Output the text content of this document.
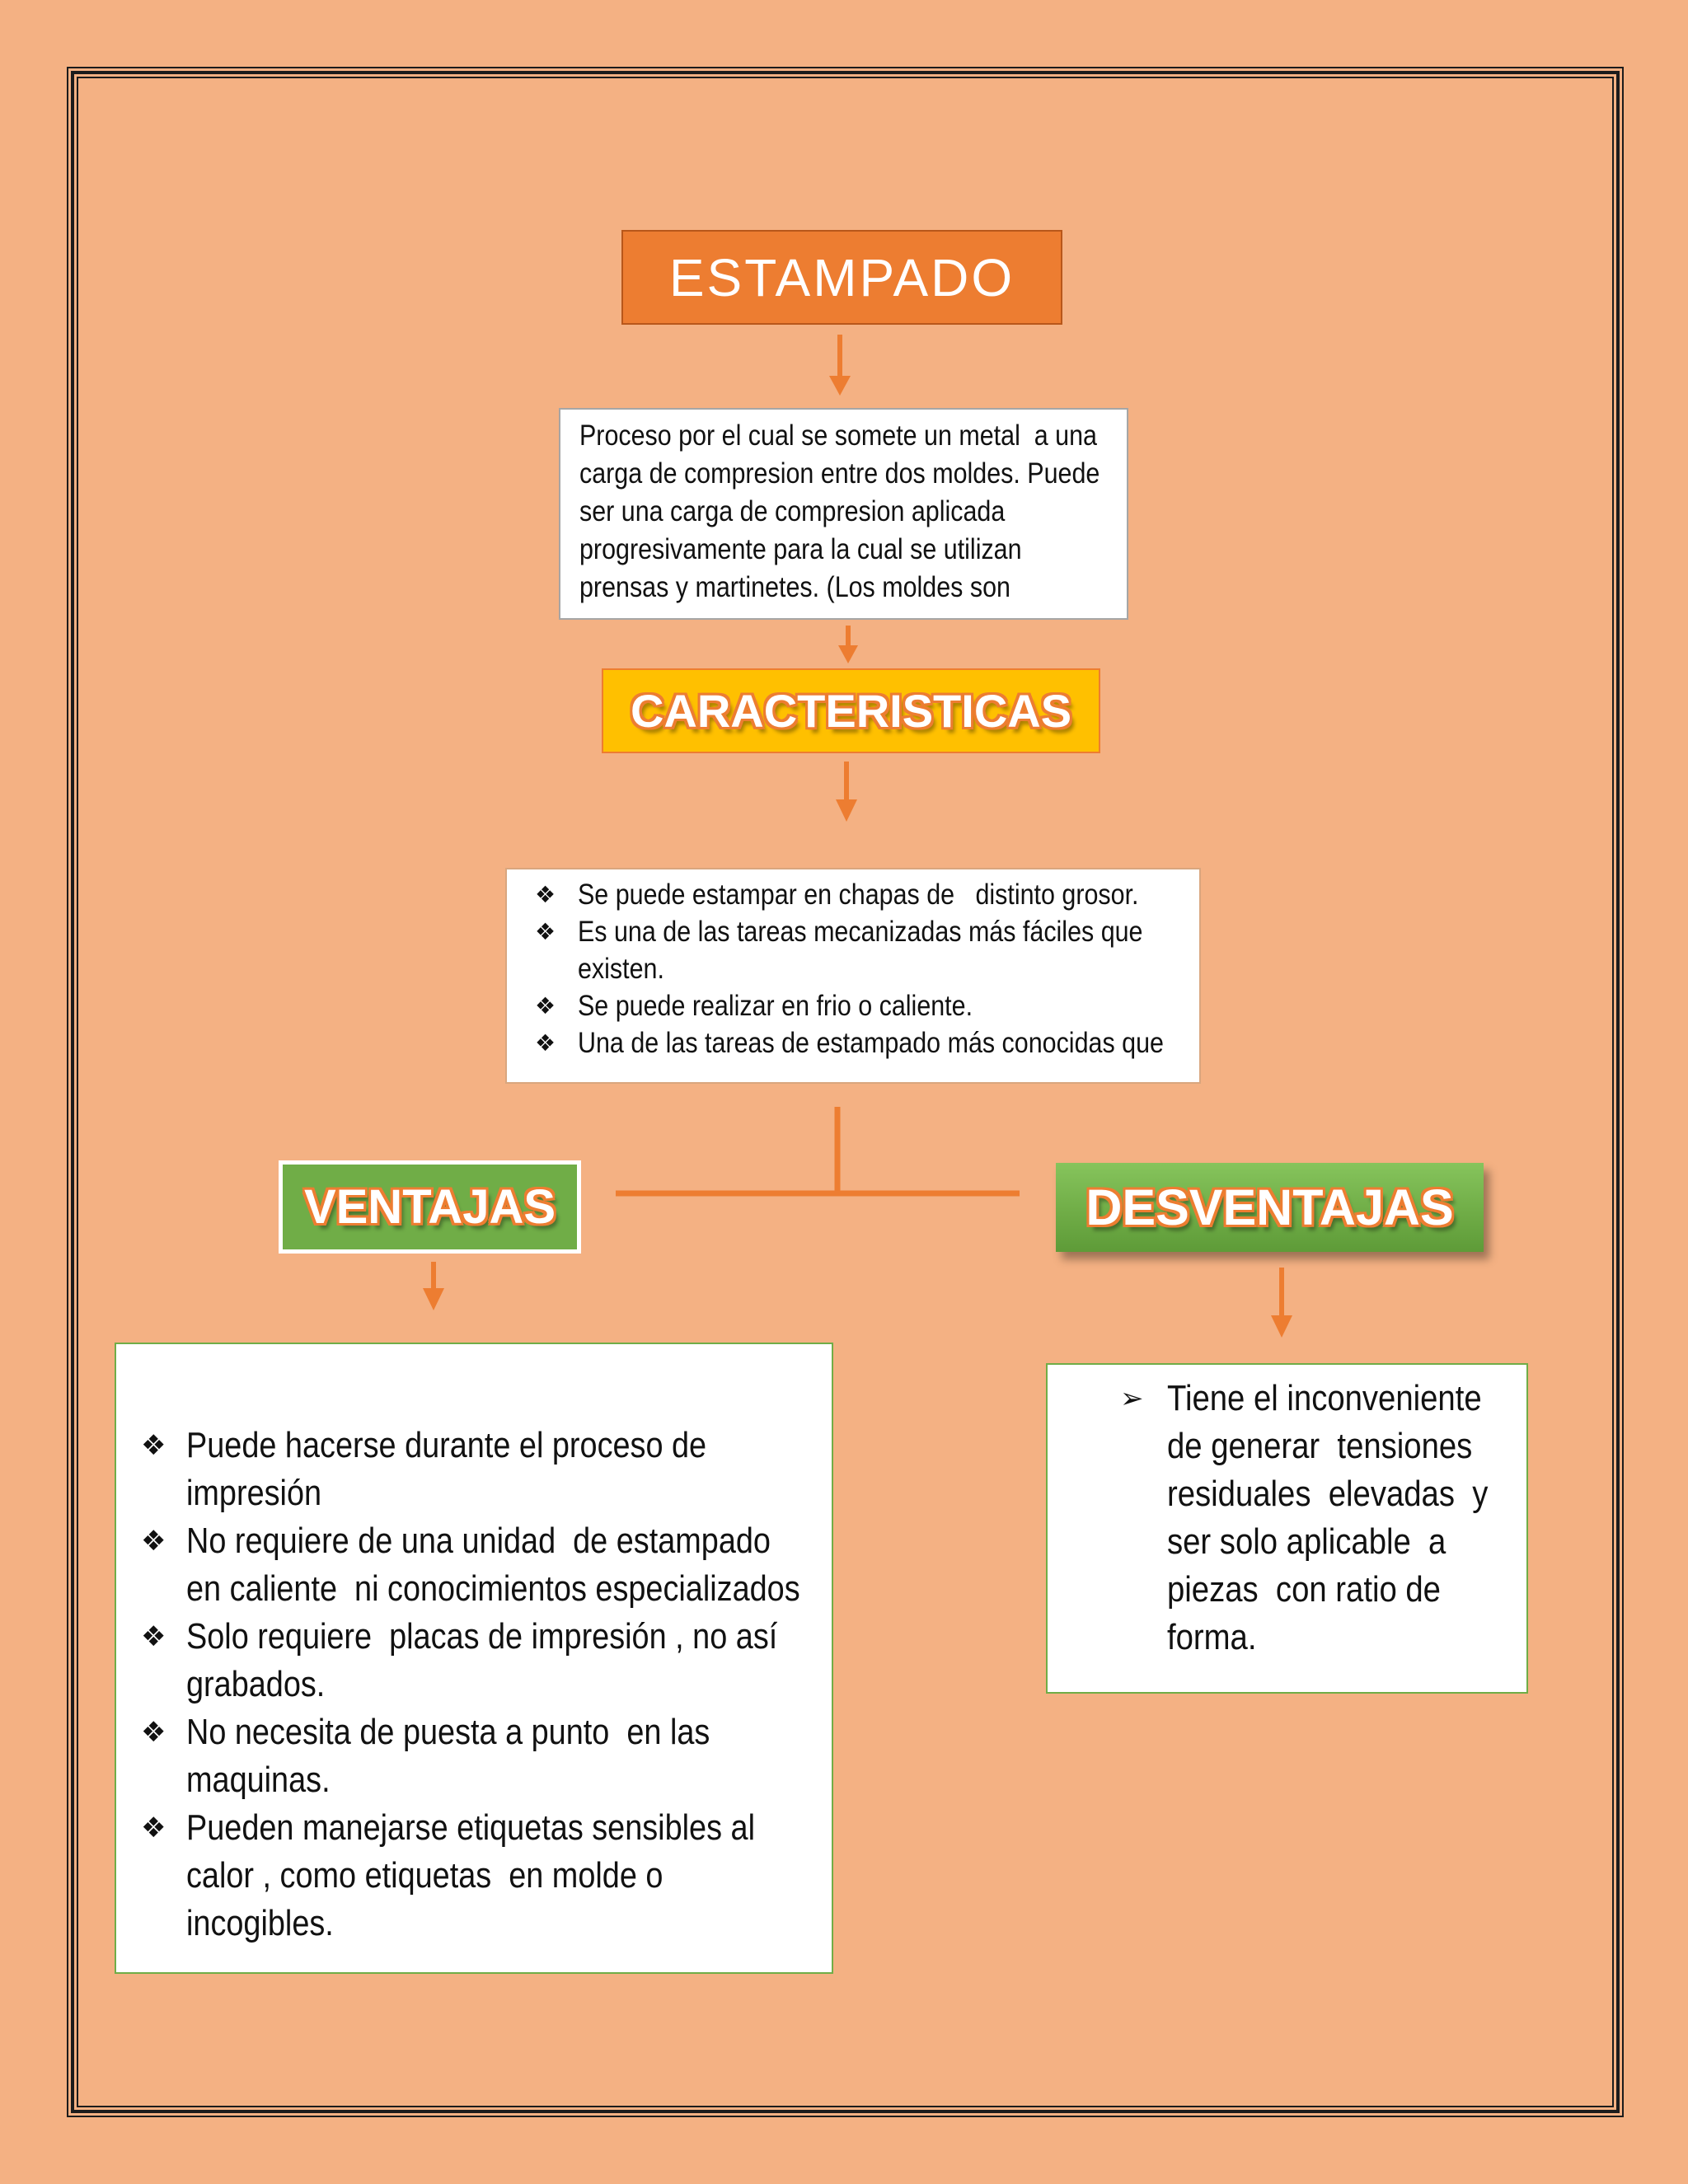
ESTAMPADO
Proceso por el cual se somete un metal  a una
carga de compresion entre dos moldes. Puede
ser una carga de compresion aplicada
progresivamente para la cual se utilizan
prensas y martinetes. (Los moldes son
CARACTERISTICAS
❖ Se puede estampar en chapas de   distinto grosor.
❖ Es una de las tareas mecanizadas más fáciles que
existen.
❖ Se puede realizar en frio o caliente.
❖ Una de las tareas de estampado más conocidas que
VENTAJAS	DESVENTAJAS
❖ Puede hacerse durante el proceso de
impresión
❖ No requiere de una unidad  de estampado
en caliente  ni conocimientos especializados
❖ Solo requiere  placas de impresión , no así
grabados.
❖ No necesita de puesta a punto  en las
maquinas.
❖ Pueden manejarse etiquetas sensibles al
calor , como etiquetas  en molde o
incogibles.
➢ Tiene el inconveniente
de generar  tensiones
residuales  elevadas  y
ser solo aplicable  a
piezas  con ratio de
forma.
